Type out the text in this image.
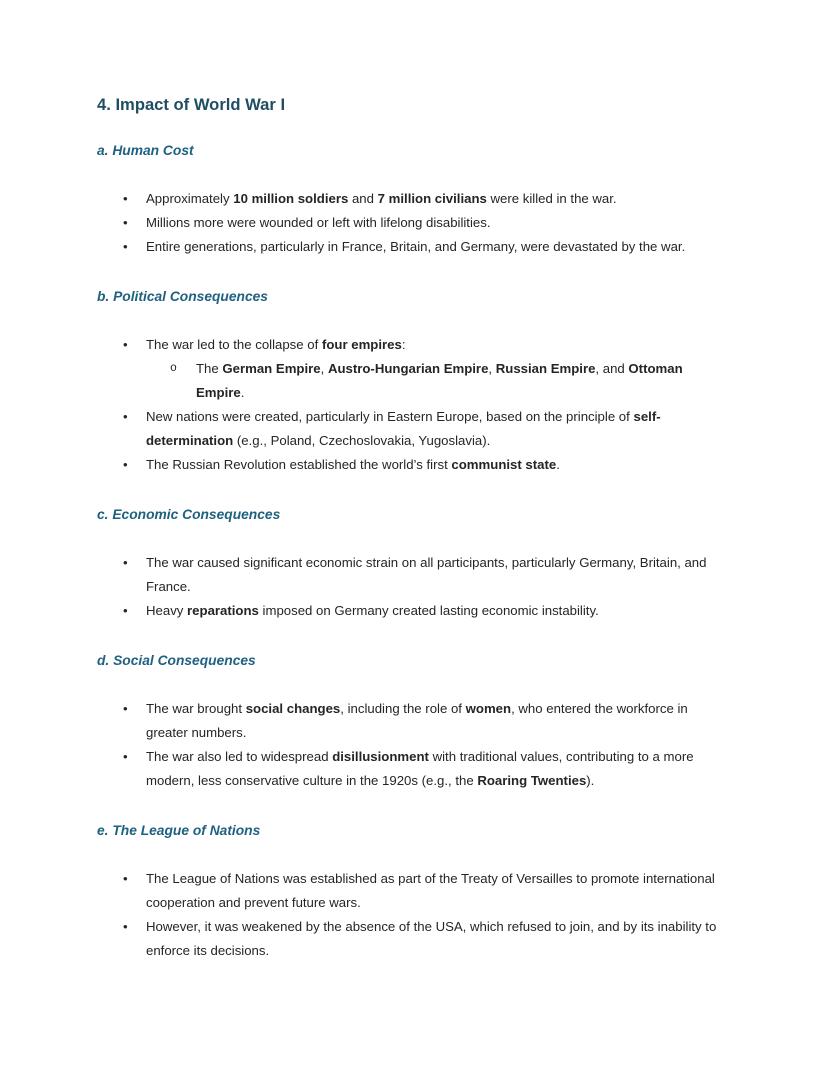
4. Impact of World War I
a. Human Cost
• Approximately 10 million soldiers and 7 million civilians were killed in the war.
• Millions more were wounded or left with lifelong disabilities.
• Entire generations, particularly in France, Britain, and Germany, were devastated by the war.
b. Political Consequences
• The war led to the collapse of four empires:
o The German Empire, Austro-Hungarian Empire, Russian Empire, and Ottoman Empire.
• New nations were created, particularly in Eastern Europe, based on the principle of self-determination (e.g., Poland, Czechoslovakia, Yugoslavia).
• The Russian Revolution established the world’s first communist state.
c. Economic Consequences
• The war caused significant economic strain on all participants, particularly Germany, Britain, and France.
• Heavy reparations imposed on Germany created lasting economic instability.
d. Social Consequences
• The war brought social changes, including the role of women, who entered the workforce in greater numbers.
• The war also led to widespread disillusionment with traditional values, contributing to a more modern, less conservative culture in the 1920s (e.g., the Roaring Twenties).
e. The League of Nations
• The League of Nations was established as part of the Treaty of Versailles to promote international cooperation and prevent future wars.
• However, it was weakened by the absence of the USA, which refused to join, and by its inability to enforce its decisions.
